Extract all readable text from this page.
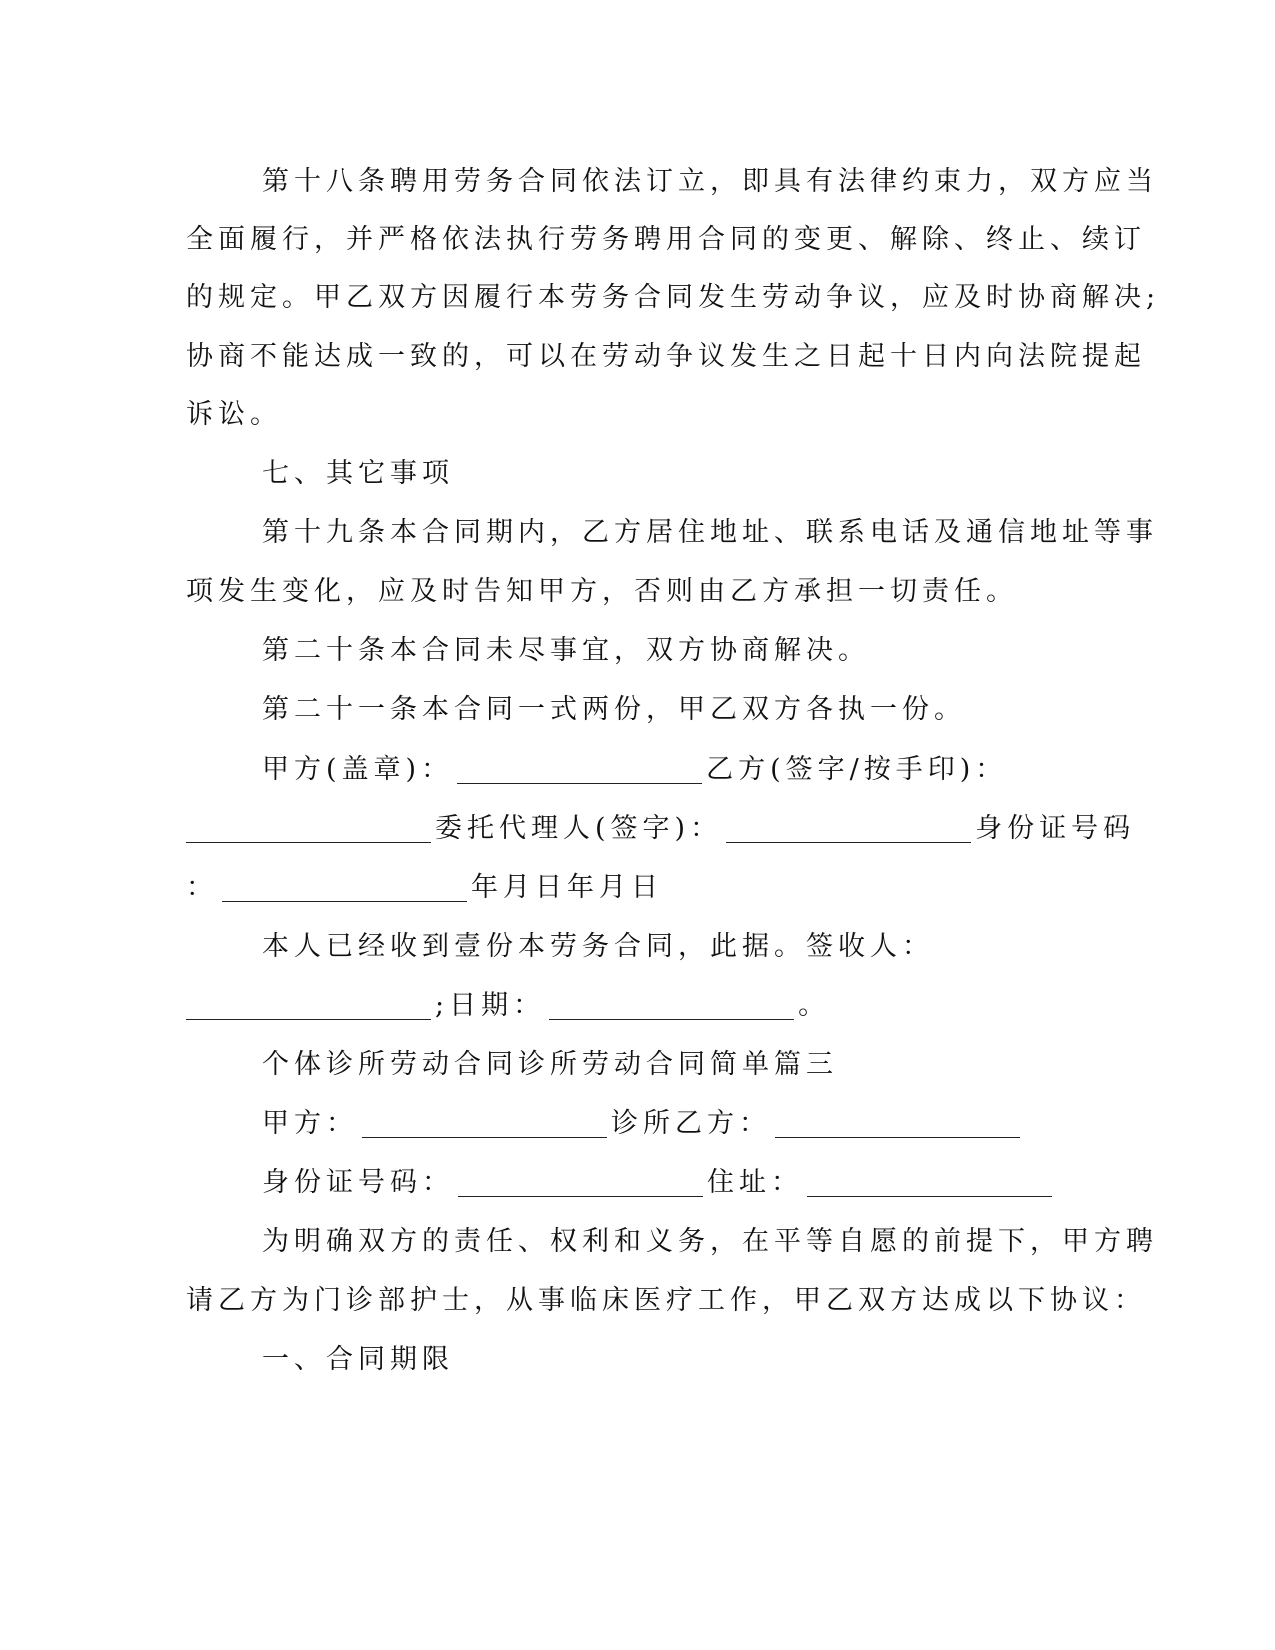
第十八条聘用劳务合同依法订立，即具有法律约束力，双方应当
全面履行，并严格依法执行劳务聘用合同的变更、解除、终止、续订
的规定。甲乙双方因履行本劳务合同发生劳动争议，应及时协商解决;
协商不能达成一致的，可以在劳动争议发生之日起十日内向法院提起
诉讼。
七、其它事项
第十九条本合同期内，乙方居住地址、联系电话及通信地址等事
项发生变化，应及时告知甲方，否则由乙方承担一切责任。
第二十条本合同未尽事宜，双方协商解决。
第二十一条本合同一式两份，甲乙双方各执一份。
甲方(盖章)：	乙方(签字/按手印)：
委托代理人(签字)：	身份证号码
：	年月日年月日
本人已经收到壹份本劳务合同，此据。签收人：
;日期：	。
个体诊所劳动合同诊所劳动合同简单篇三
甲方：	诊所乙方：
身份证号码：	住址：
为明确双方的责任、权利和义务，在平等自愿的前提下，甲方聘
请乙方为门诊部护士，从事临床医疗工作，甲乙双方达成以下协议：
一、合同期限
